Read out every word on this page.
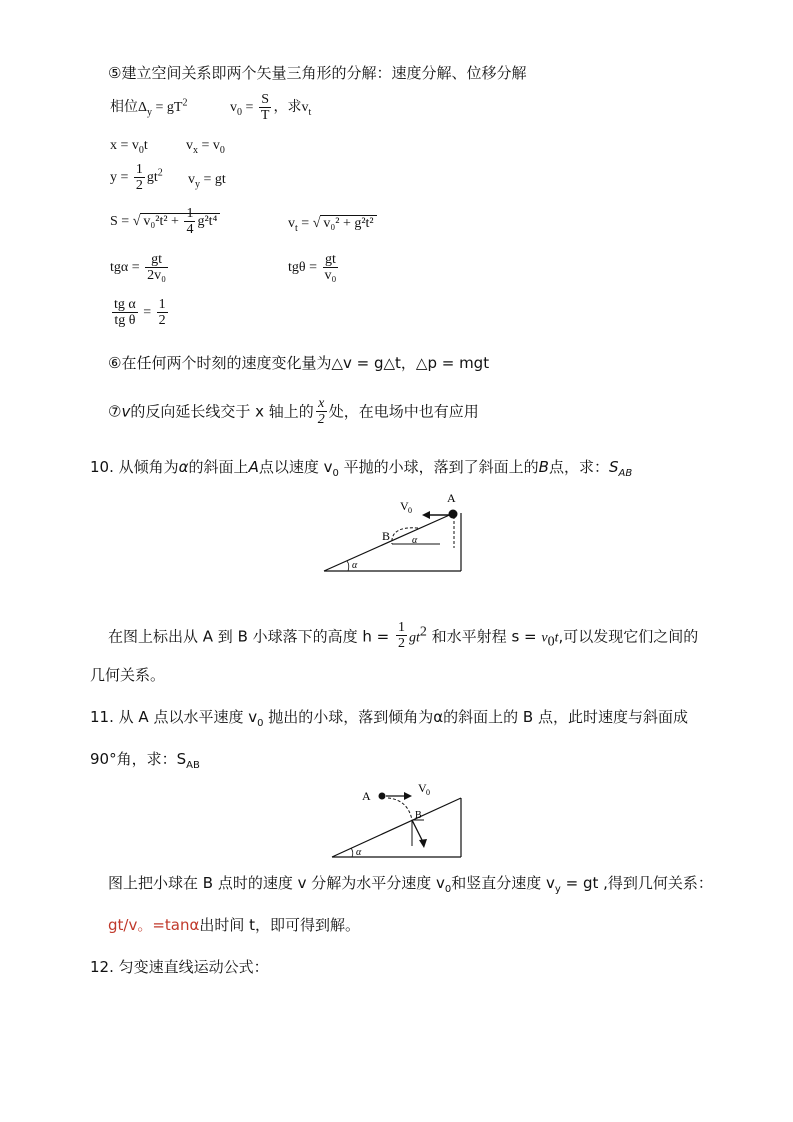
⑤建立空间关系即两个矢量三角形的分解：速度分解、位移分解
相位$\Delta_y = gT^2$	$v_0 = \frac{S}{T}$ ，求$v_t$
$x = v_0t$	$v_x = v_0$
$y = \frac{1}{2} gt^2$ $v_y$ = gt
S = √ $v_0^2t^2 + \frac{1}{4} g^2t^4$	$v_t$ = √ v₀² + g²t²
$tg\alpha = \frac{gt}{\text{2v₀}}$	$tg\theta = \frac{gt}{\text{v₀}}$
$\frac{\text{tg α}}{\text{tg θ}} = \frac{1}{2}$
⑥在任何两个时刻的速度变化量为△v = g△t，△p = mgt
⑦v的反向延长线交于 x 轴上的 $\frac{x}{2}$ 处，在电场中也有应用
10. 从倾角为α的斜面上A点以速度 $v_0$ 平抛的小球，落到了斜面上的B点，求：$S_{AB}$
A
B
V 0
α
α
在图上标出从 A 到 B 小球落下的高度 $h = \frac{1}{2} gt^2$ 和水平射程 $s = v_0t$,可以发现它们之间的
几何关系。
11. 从 A 点以水平速度 $v_0$ 抛出的小球，落到倾角为α的斜面上的 B 点，此时速度与斜面成
90°角，求：$S_{AB}$
A
B
V 0
α
图上把小球在 B 点时的速度 v 分解为水平分速度 $v_0$和竖直分速度 $v_y$ = gt ,得到几何关系：
gt/v。=tanα出时间 t，即可得到解。
12. 匀变速直线运动公式：
